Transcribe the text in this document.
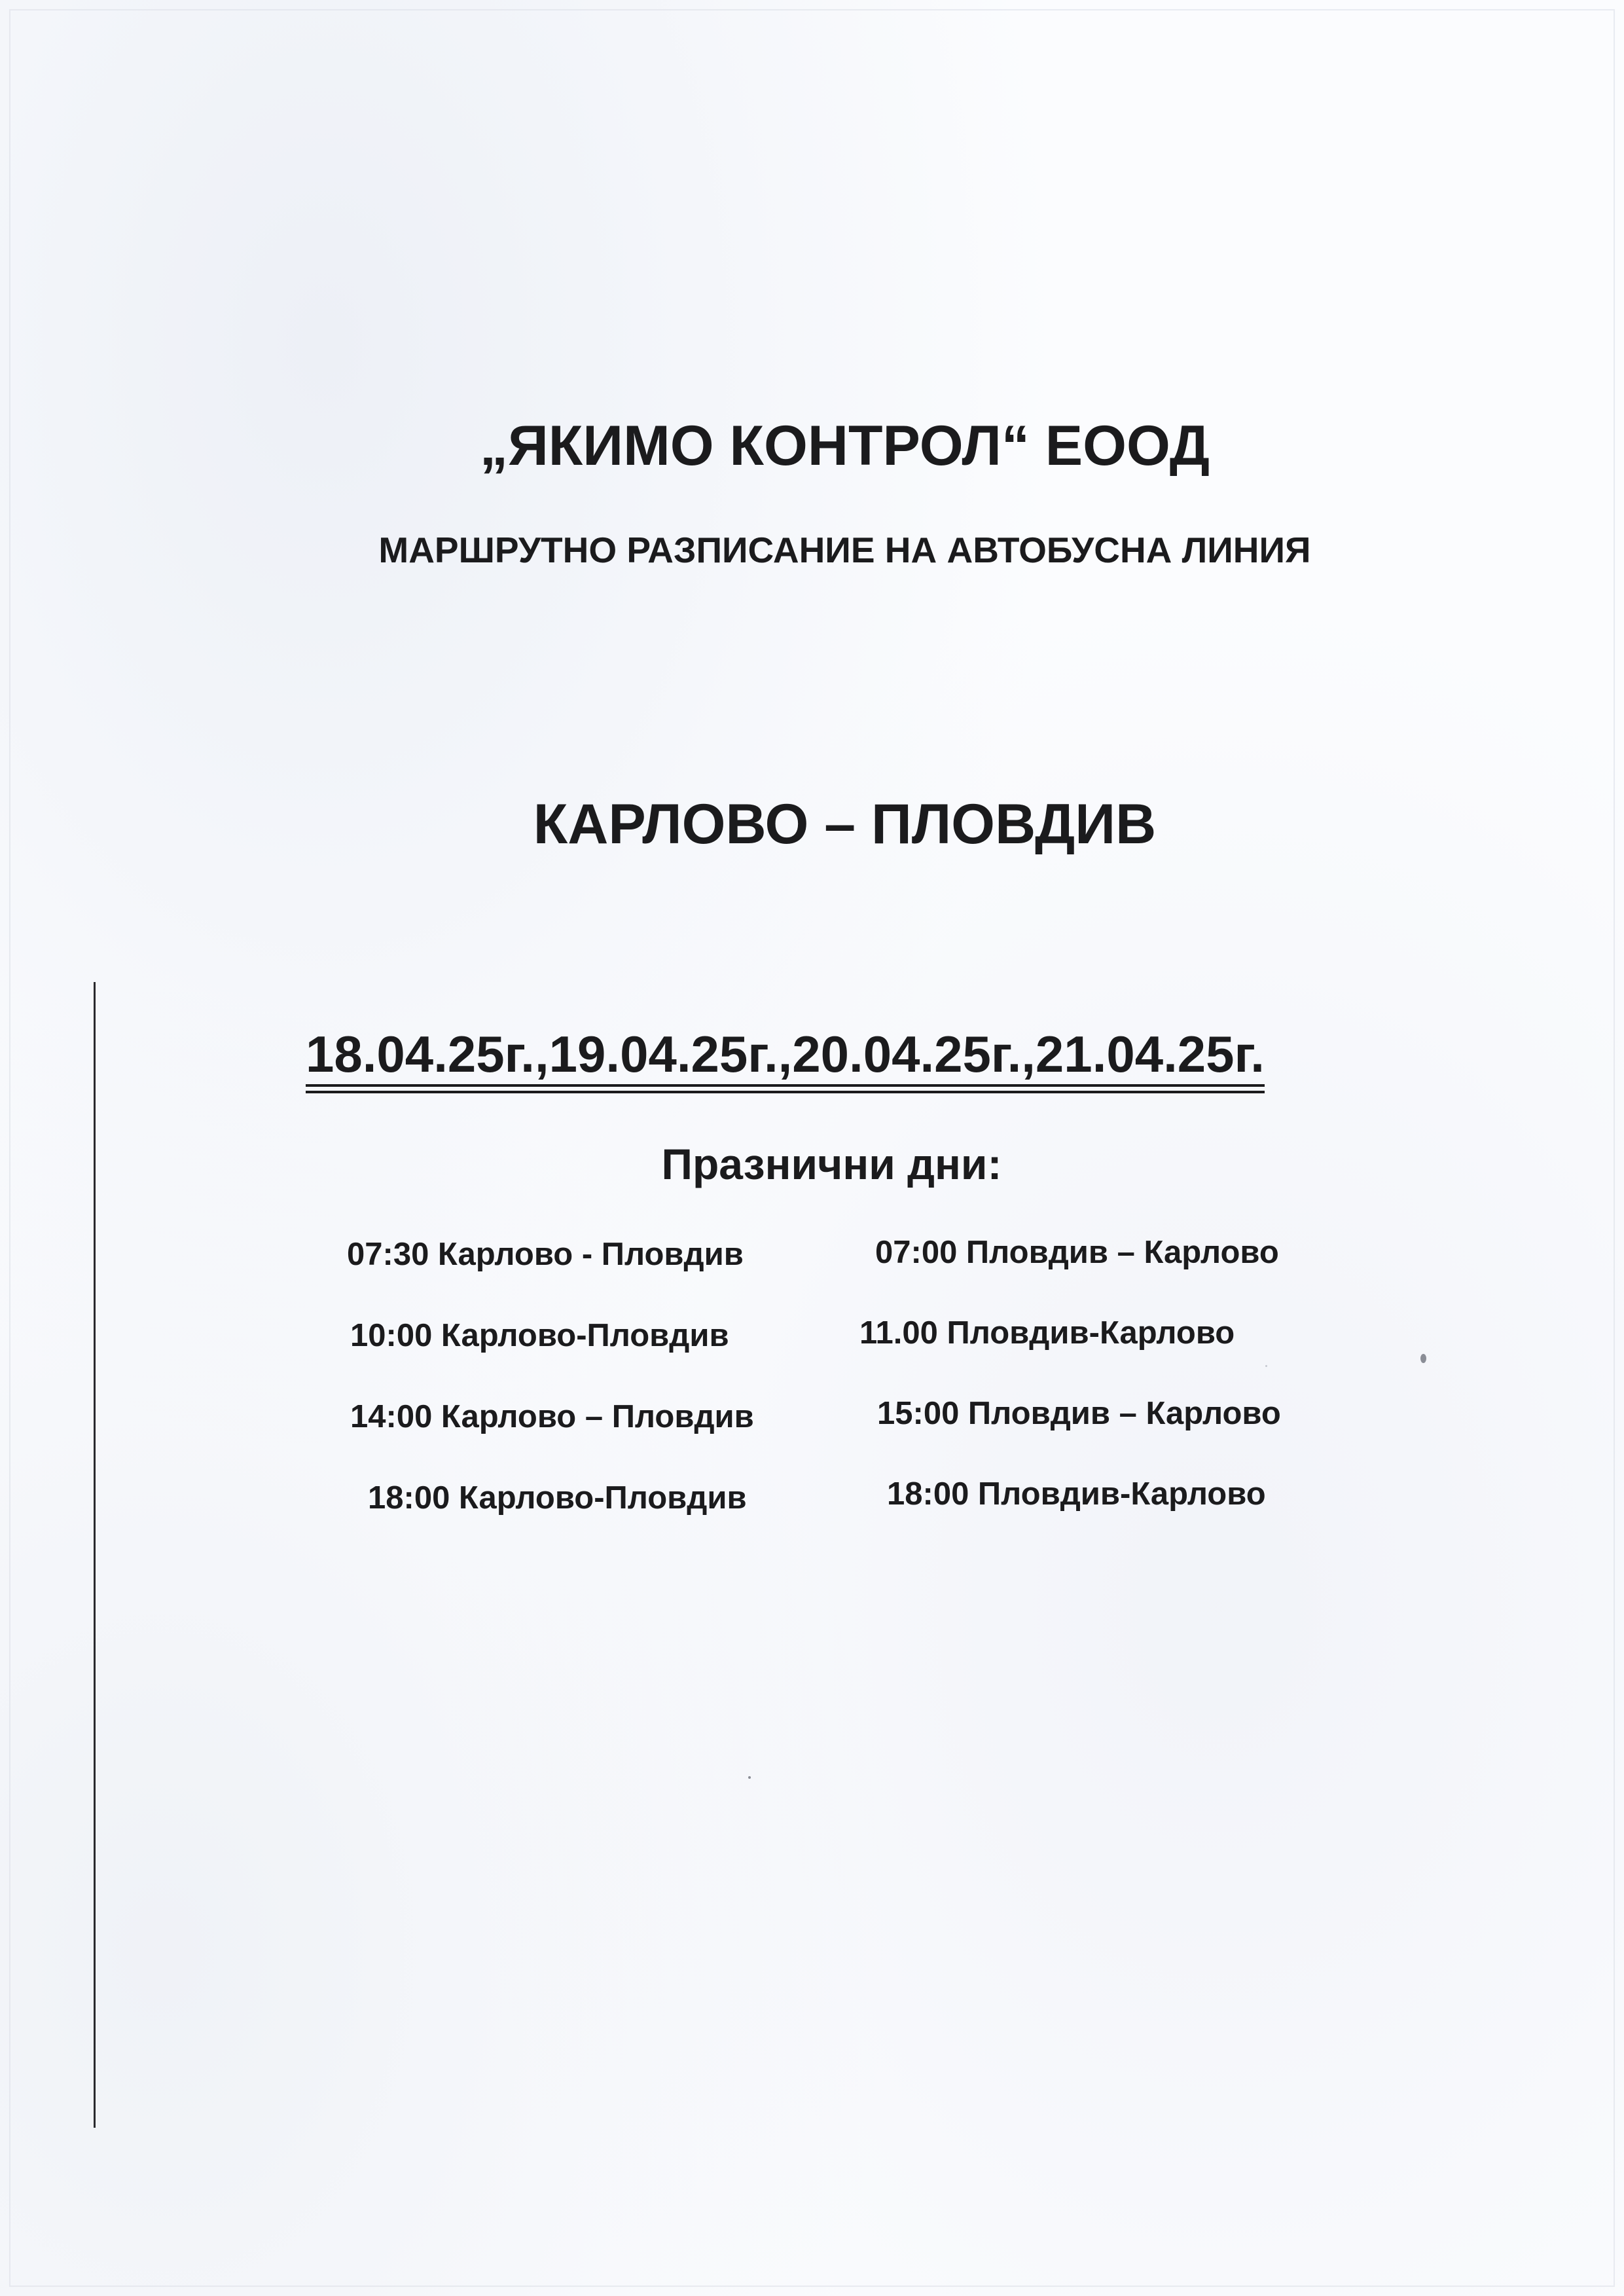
„ЯКИМО КОНТРОЛ“ ЕООД
МАРШРУТНО РАЗПИСАНИЕ НА АВТОБУСНА ЛИНИЯ
КАРЛОВО – ПЛОВДИВ
18.04.25г.,19.04.25г.,20.04.25г.,21.04.25г.
Празнични дни:
07:30 Карлово - Пловдив	07:00 Пловдив – Карлово
10:00 Карлово-Пловдив	11.00 Пловдив-Карлово
14:00 Карлово – Пловдив	15:00 Пловдив – Карлово
18:00 Карлово-Пловдив	18:00 Пловдив-Карлово
